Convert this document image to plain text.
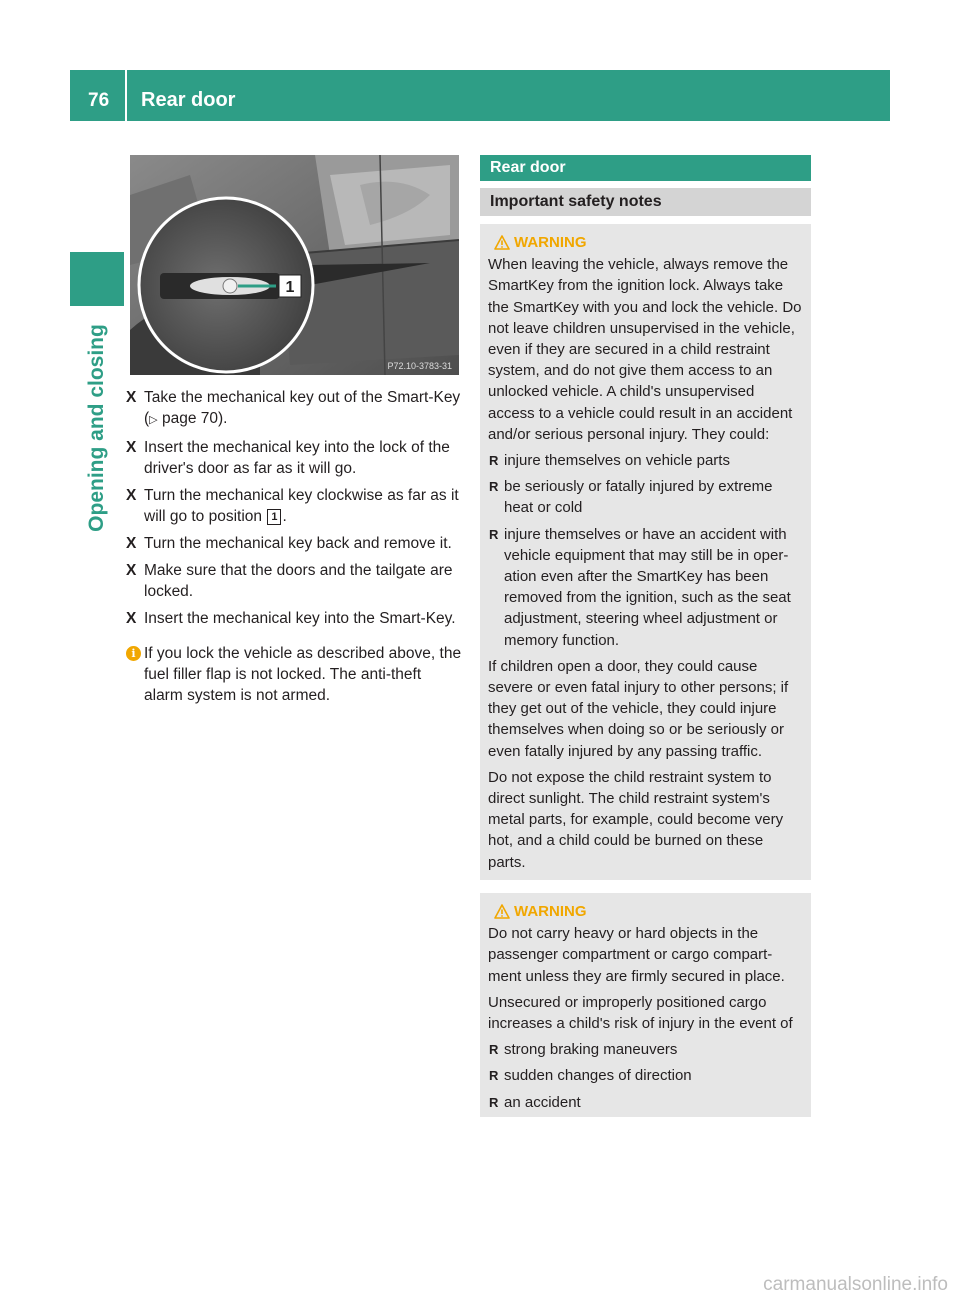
76 Rear door
Opening and closing
1
P72.10-3783-31
X Take the mechanical key out of the Smart-Key (▷ page 70).
X Insert the mechanical key into the lock of the driver's door as far as it will go.
X Turn the mechanical key clockwise as far as it will go to position 1 .
X Turn the mechanical key back and remove it.
X Make sure that the doors and the tailgate are locked.
X Insert the mechanical key into the Smart-Key.
i If you lock the vehicle as described above, the fuel filler flap is not locked. The anti-theft alarm system is not armed.
Rear door
Important safety notes
WARNING
When leaving the vehicle, always remove the SmartKey from the ignition lock. Always take the SmartKey with you and lock the vehicle. Do not leave children unsupervised in the vehicle, even if they are secured in a child restraint system, and do not give them access to an unlocked vehicle. A child's unsupervised access to a vehicle could result in an accident and/or serious personal injury. They could:
R injure themselves on vehicle parts
R be seriously or fatally injured by extreme heat or cold
R injure themselves or have an accident with vehicle equipment that may still be in oper-ation even after the SmartKey has been removed from the ignition, such as the seat adjustment, steering wheel adjustment or memory function.
If children open a door, they could cause severe or even fatal injury to other persons; if they get out of the vehicle, they could injure themselves when doing so or be seriously or even fatally injured by any passing traffic.
Do not expose the child restraint system to direct sunlight. The child restraint system's metal parts, for example, could become very hot, and a child could be burned on these parts.
WARNING
Do not carry heavy or hard objects in the passenger compartment or cargo compart-ment unless they are firmly secured in place.
Unsecured or improperly positioned cargo increases a child's risk of injury in the event of
R strong braking maneuvers
R sudden changes of direction
R an accident
carmanualsonline.info
